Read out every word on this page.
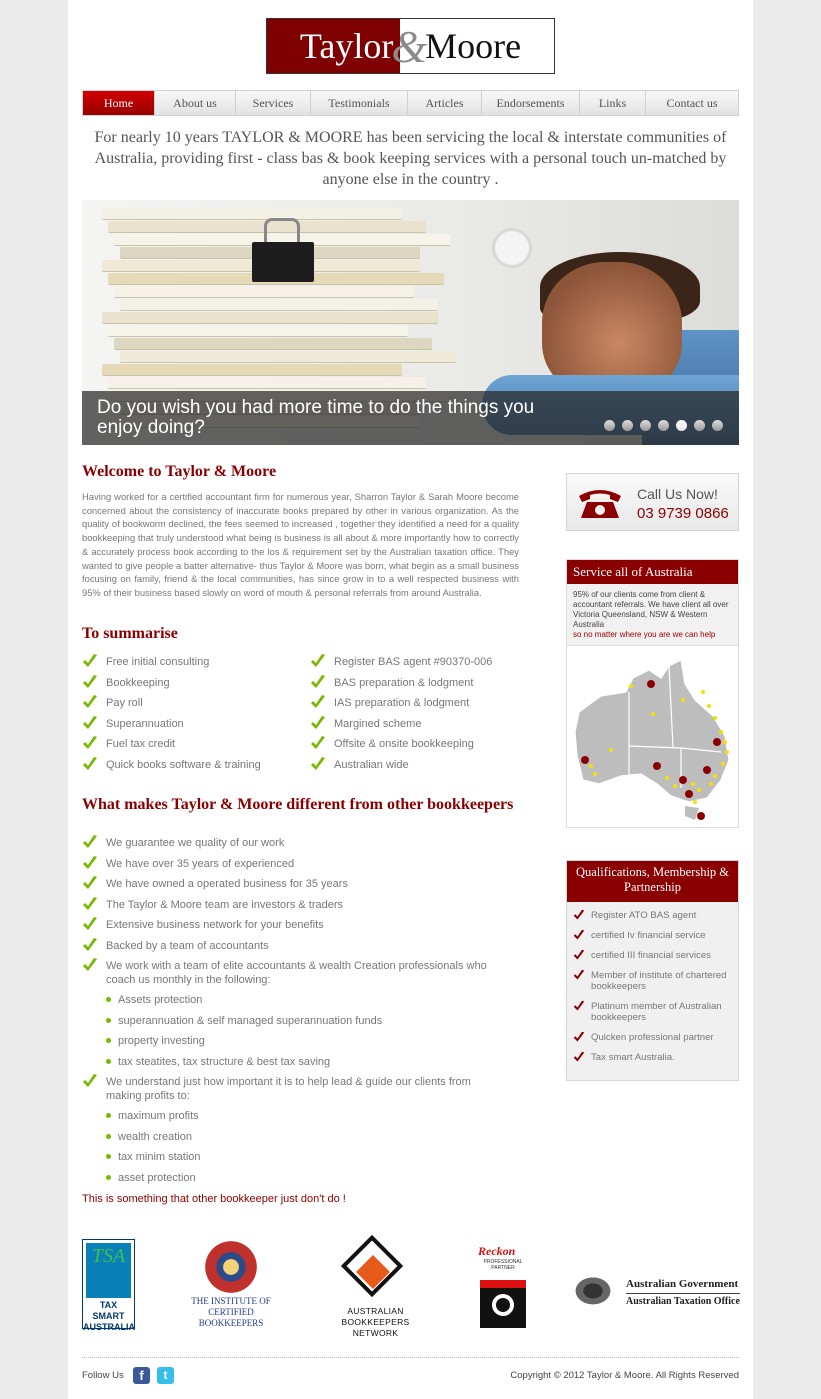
Taylor
&
Moore
Home	About us	Services	Testimonials	Articles	Endorsements	Links	Contact us

For nearly 10 years TAYLOR & MOORE has been servicing the local & interstate communities of Australia, providing first - class bas & book keeping services with a personal touch un-matched by anyone else in the country .

Do you wish you had more time to do the things you enjoy doing?
Welcome to Taylor & Moore

Having worked for a certified accountant firm for numerous year, Sharron Taylor & Sarah Moore become concerned about the consistency of inaccurate books prepared by other in various organization. As the quality of bookworm declined, the fees seemed to increased , together they identified a need for a quality bookkeeping that truly understood what being is business is all about & more importantly how to correctly & accurately process book according to the los & requirement set by the Australian taxation office. They wanted to give people a batter alternative- thus Taylor & Moore was born, what begin as a small business focusing on family, friend & the local communities, has since grow in to a well respected business with 95% of their business based slowly on word of mouth & personal referrals from around Australia.

To summarise
Free initial consulting
Bookkeeping
Pay roll
Superannuation
Fuel tax credit
Quick books software & training
Register BAS agent #90370-006
BAS preparation & lodgment
IAS preparation & lodgment
Margined scheme
Offsite & onsite bookkeeping
Australian wide
What makes Taylor & Moore different from other bookkeepers
We guarantee we quality of our work
We have over 35 years of experienced
We have owned a operated business for 35 years
The Taylor & Moore team are investors & traders
Extensive business network for your benefits
Backed by a team of accountants
We work with a team of elite accountants & wealth Creation professionals who coach us monthly in the following:
Assets protection
superannuation & self managed superannuation funds
property investing
tax steatites, tax structure & best tax saving
We understand just how important it is to help lead & guide our clients from making profits to:
maximum profits
wealth creation
tax minim station
asset protection

This is something that other bookkeeper just don't do !

Call Us Now!
03 9739 0866
Service all of Australia
95% of our clients come from client & accountant referrals. We have client all over Victoria Queensland, NSW & Western Australia
so no matter where you are we can help
Qualifications, Membership & Partnership
Register ATO BAS agent
certified Iv financial service
certified III financial services
Member of institute of chartered bookkeepers
Platinum member of Australian bookkeepers
Quicken professional partner
Tax smart Australia.
TSA
TAX SMART AUSTRALIA
THE INSTITUTE OF CERTIFIED BOOKKEEPERS
AUSTRALIAN BOOKKEEPERS NETWORK
Reckon
PROFESSIONAL PARTNER
Australian Government
Australian Taxation Office
Follow Us	f	t	Copyright © 2012 Taylor & Moore. All Rights Reserved
